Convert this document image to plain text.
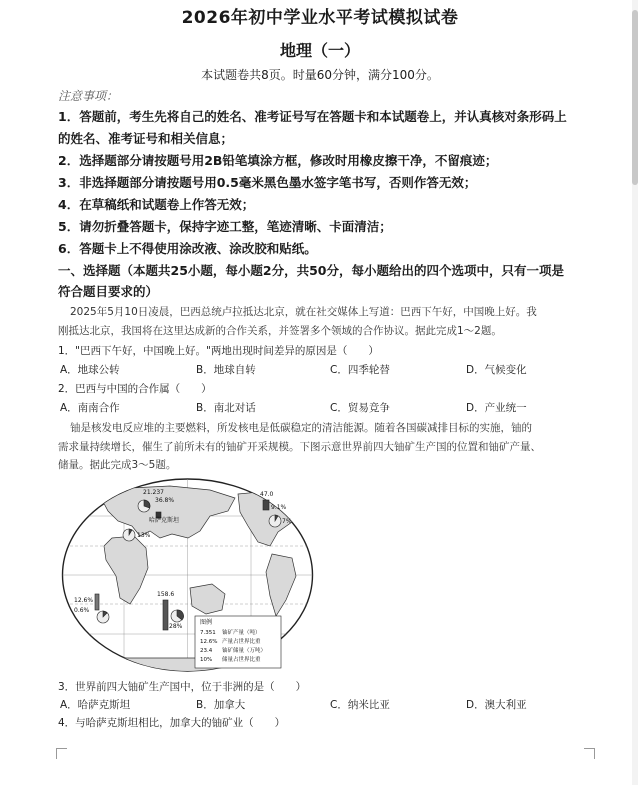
2026年初中学业水平考试模拟试卷
地理（一）
本试题卷共8页。时量60分钟，满分100分。
注意事项：
1．答题前，考生先将自己的姓名、准考证号写在答题卡和本试题卷上，并认真核对条形码上
的姓名、准考证号和相关信息；
2．选择题部分请按题号用2B铅笔填涂方框，修改时用橡皮擦干净，不留痕迹；
3．非选择题部分请按题号用0.5毫米黑色墨水签字笔书写，否则作答无效；
4．在草稿纸和试题卷上作答无效；
5．请勿折叠答题卡，保持字迹工整，笔迹清晰、卡面清洁；
6．答题卡上不得使用涂改液、涂改胶和贴纸。
一、选择题（本题共25小题，每小题2分，共50分，每小题给出的四个选项中，只有一项是
符合题目要求的）
2025年5月10日凌晨，巴西总统卢拉抵达北京，就在社交媒体上写道：巴西下午好，中国晚上好。我
刚抵达北京，我国将在这里达成新的合作关系，并签署多个领域的合作协议。据此完成1～2题。
1．"巴西下午好，中国晚上好。"两地出现时间差异的原因是（　　）
A．地球公转	B．地球自转	C．四季轮替	D．气候变化
2．巴西与中国的合作属（　　）
A．南南合作	B．南北对话	C．贸易竞争	D．产业统一
铀是核发电反应堆的主要燃料，所发核电是低碳稳定的清洁能源。随着各国碳减排目标的实施，铀的
需求量持续增长，催生了前所未有的铀矿开采规模。下图示意世界前四大铀矿生产国的位置和铀矿产量、
储量。据此完成3～5题。
21.237
36.8%
哈萨克斯坦
13%
47.0
9.1%
7%
158.6
28%
12.6%
0.6%
图例
7.351 铀矿产量（吨）
12.6% 产量占世界比重
23.4 铀矿储量（万吨）
10% 储量占世界比重
3．世界前四大铀矿生产国中，位于非洲的是（　　）
A．哈萨克斯坦	B．加拿大	C．纳米比亚	D．澳大利亚
4．与哈萨克斯坦相比，加拿大的铀矿业（　　）
